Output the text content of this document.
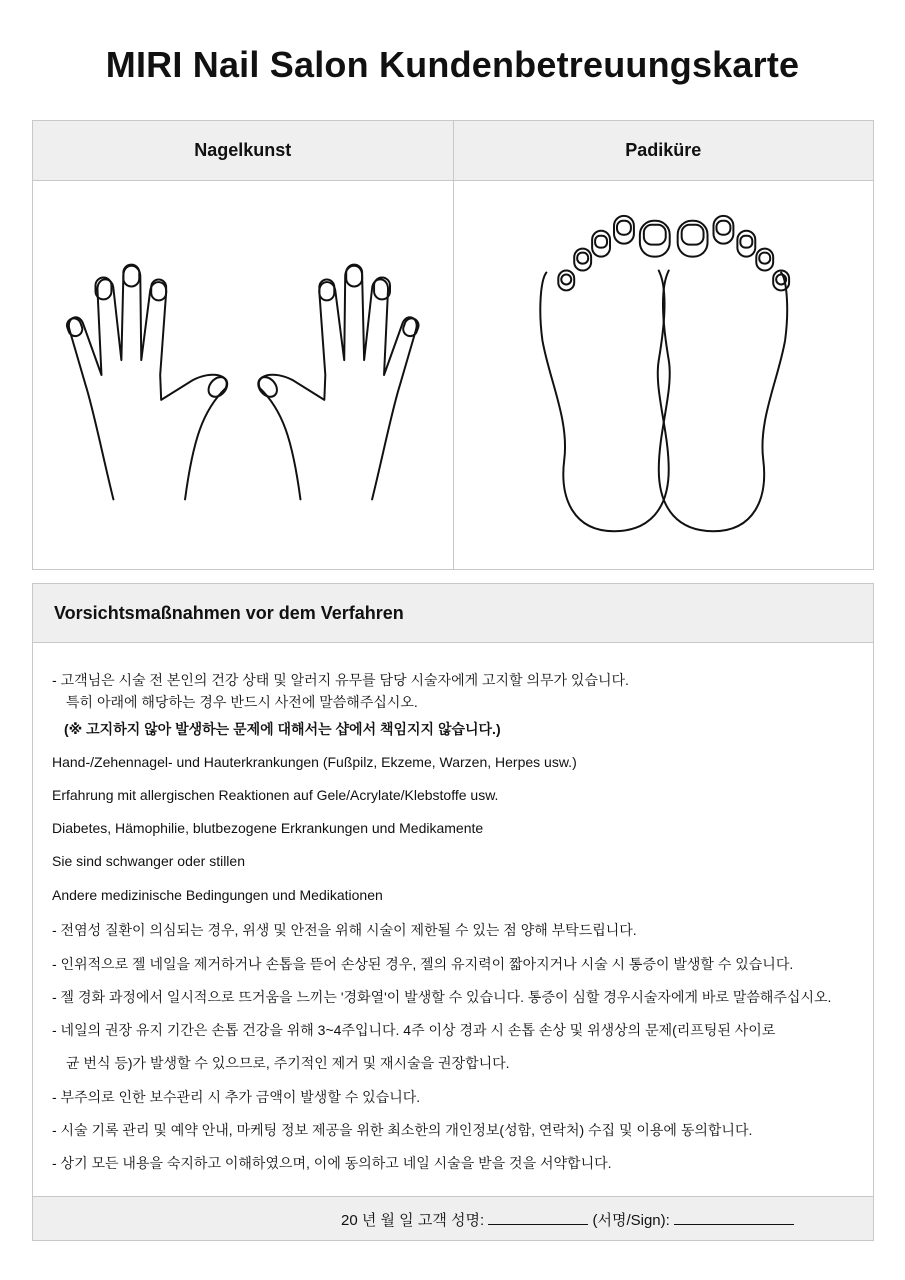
MIRI Nail Salon Kundenbetreuungskarte
Nagelkunst	Padiküre
Vorsichtsmaßnahmen vor dem Verfahren
- 고객님은 시술 전 본인의 건강 상태 및 알러지 유무를 담당 시술자에게 고지할 의무가 있습니다.
특히 아래에 해당하는 경우 반드시 사전에 말씀해주십시오.
(※ 고지하지 않아 발생하는 문제에 대해서는 샵에서 책임지지 않습니다.)
Hand-/Zehennagel- und Hauterkrankungen (Fußpilz, Ekzeme, Warzen, Herpes usw.)
Erfahrung mit allergischen Reaktionen auf Gele/Acrylate/Klebstoffe usw.
Diabetes, Hämophilie, blutbezogene Erkrankungen und Medikamente
Sie sind schwanger oder stillen
Andere medizinische Bedingungen und Medikationen
- 전염성 질환이 의심되는 경우, 위생 및 안전을 위해 시술이 제한될 수 있는 점 양해 부탁드립니다.
- 인위적으로 젤 네일을 제거하거나 손톱을 뜯어 손상된 경우, 젤의 유지력이 짧아지거나 시술 시 통증이 발생할 수 있습니다.
- 젤 경화 과정에서 일시적으로 뜨거움을 느끼는 '경화열'이 발생할 수 있습니다. 통증이 심할 경우시술자에게 바로 말씀해주십시오.
- 네일의 권장 유지 기간은 손톱 건강을 위해 3~4주입니다. 4주 이상 경과 시 손톱 손상 및 위생상의 문제(리프팅된 사이로
균 번식 등)가 발생할 수 있으므로, 주기적인 제거 및 재시술을 권장합니다.
- 부주의로 인한 보수관리 시 추가 금액이 발생할 수 있습니다.
- 시술 기록 관리 및 예약 안내, 마케팅 정보 제공을 위한 최소한의 개인정보(성함, 연락처) 수집 및 이용에 동의합니다.
- 상기 모든 내용을 숙지하고 이해하였으며, 이에 동의하고 네일 시술을 받을 것을 서약합니다.
20 년 월 일 고객 성명:	(서명/Sign):
